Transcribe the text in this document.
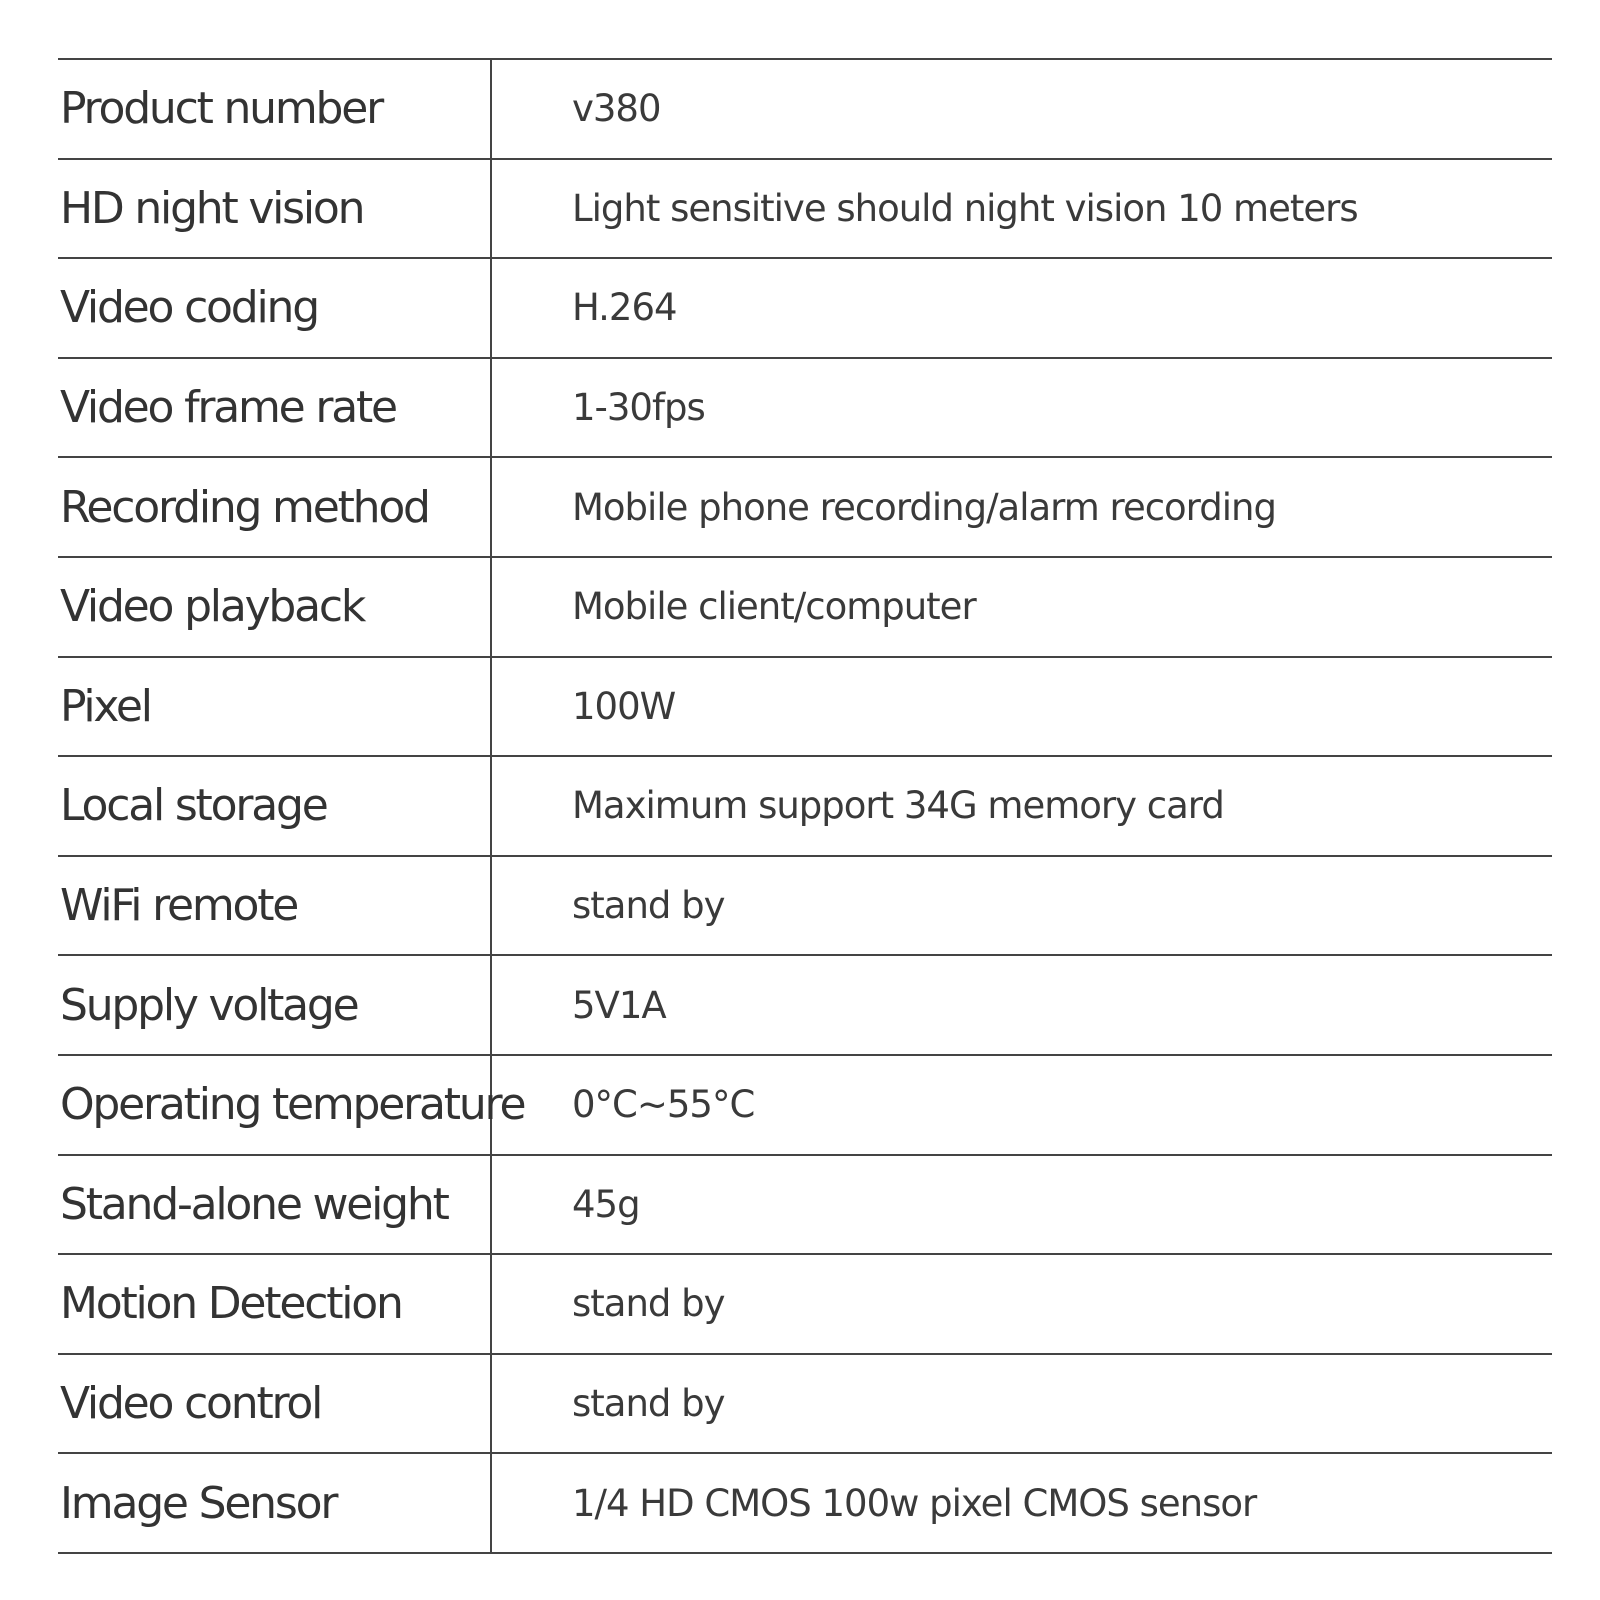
Product number	v380
HD night vision	Light sensitive should night vision 10 meters
Video coding	H.264
Video frame rate	1-30fps
Recording method	Mobile phone recording/alarm recording
Video playback	Mobile client/computer
Pixel	100W
Local storage	Maximum support 34G memory card
WiFi remote	stand by
Supply voltage	5V1A
Operating temperature	0°C~55°C
Stand-alone weight	45g
Motion Detection	stand by
Video control	stand by
Image Sensor	1/4 HD CMOS 100w pixel CMOS sensor
